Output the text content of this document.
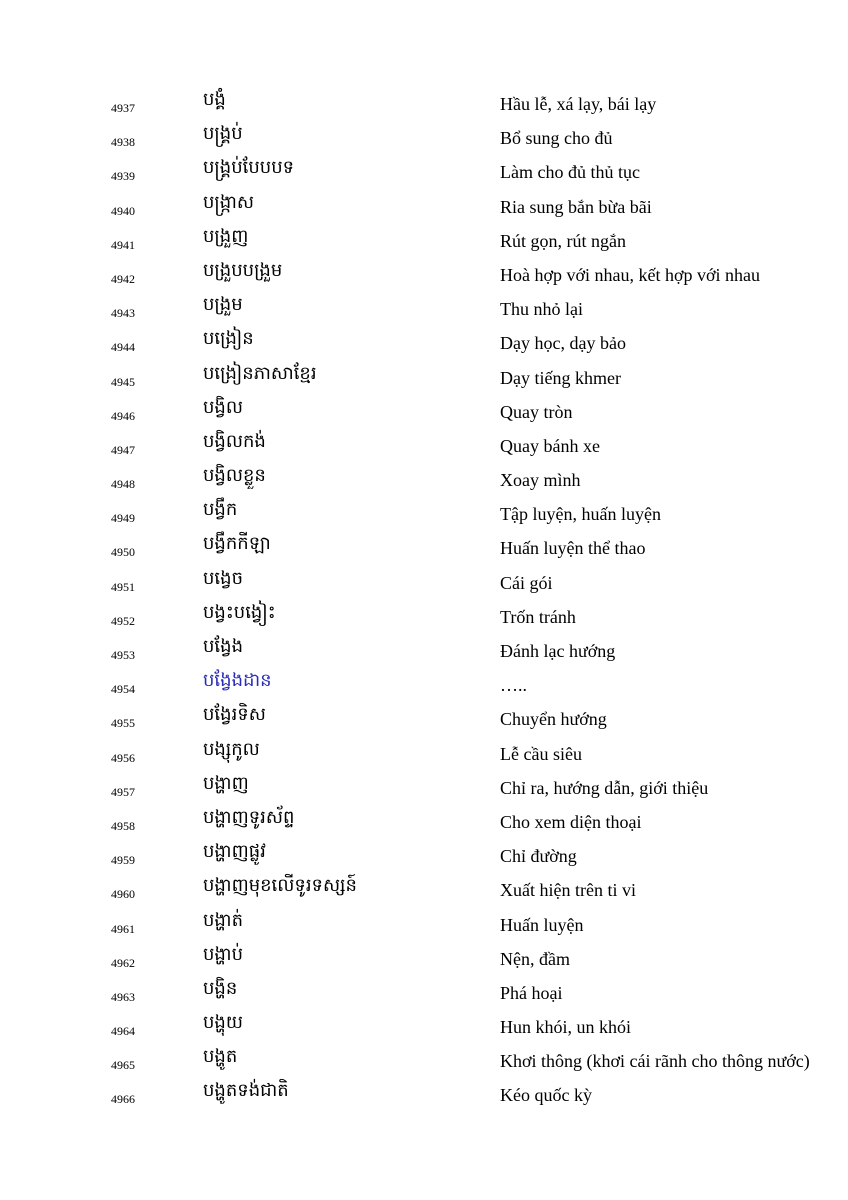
4937	បង្គំ	Hầu lễ, xá lạy, bái lạy
4938	បង្គ្រប់	Bổ sung cho đủ
4939	បង្គ្រប់បែបបទ	Làm cho đủ thủ tục
4940	បង្រ្កាស	Ria sung bắn bừa bãi
4941	បង្រួញ	Rút gọn, rút ngắn
4942	បង្រួបបង្រួម	Hoà hợp với nhau, kết hợp với nhau
4943	បង្រួម	Thu nhỏ lại
4944	បង្រៀន	Dạy học, dạy bảo
4945	បង្រៀនភាសាខ្មែរ	Dạy tiếng khmer
4946	បង្វិល	Quay tròn
4947	បង្វិលកង់	Quay bánh xe
4948	បង្វិលខ្លួន	Xoay mình
4949	បង្វឹក	Tập luyện, huấn luyện
4950	បង្វឹកកីឡា	Huấn luyện thể thao
4951	បង្វេច	Cái gói
4952	បង្វះបង្វៀះ	Trốn tránh
4953	បង្វែង	Đánh lạc hướng
4954	បង្វែងដាន	…..
4955	បង្វែរទិស	Chuyển hướng
4956	បង្សុកូល	Lễ cầu siêu
4957	បង្ហាញ	Chỉ ra, hướng dẫn, giới thiệu
4958	បង្ហាញទូរស័ព្ទ	Cho xem diện thoại
4959	បង្ហាញផ្លូវ	Chỉ đường
4960	បង្ហាញមុខលើទូរទស្សន៍	Xuất hiện trên ti vi
4961	បង្ហាត់	Huấn luyện
4962	បង្ហាប់	Nện, đầm
4963	បង្ហិន	Phá hoại
4964	បង្ហុយ	Hun khói, un khói
4965	បង្ហូត	Khơi thông (khơi cái rãnh cho thông nước)
4966	បង្ហូតទង់ជាតិ	Kéo quốc kỳ
